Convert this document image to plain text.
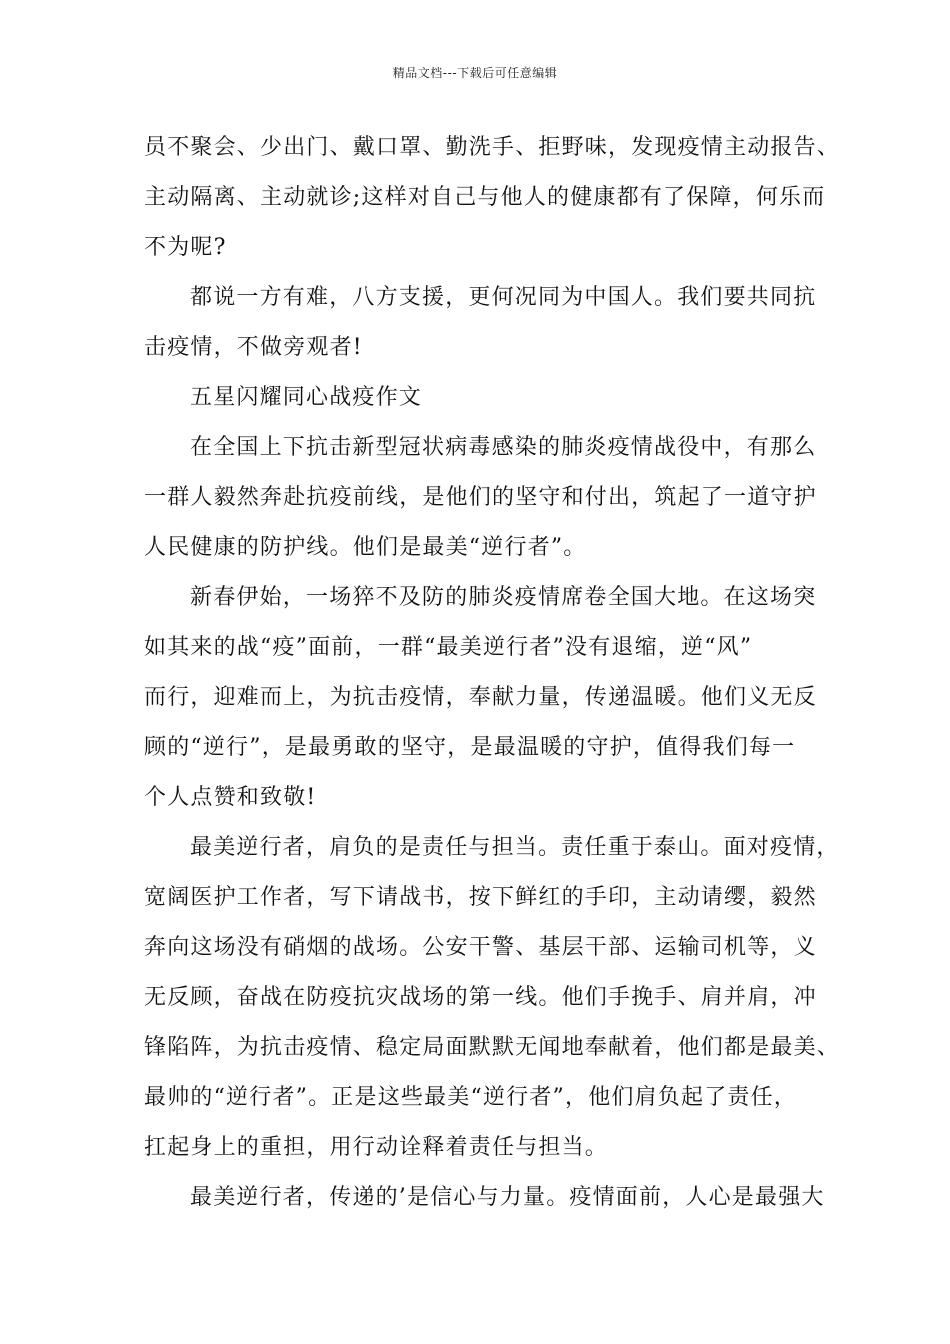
精品文档---下载后可任意编辑
员不聚会、少出门、戴口罩、勤洗手、拒野味，发现疫情主动报告、
主动隔离、主动就诊;这样对自己与他人的健康都有了保障，何乐而
不为呢?
都说一方有难，八方支援，更何况同为中国人。我们要共同抗
击疫情，不做旁观者!
五星闪耀同心战疫作文
在全国上下抗击新型冠状病毒感染的肺炎疫情战役中，有那么
一群人毅然奔赴抗疫前线，是他们的坚守和付出，筑起了一道守护
人民健康的防护线。他们是最美“逆行者”。
新春伊始，一场猝不及防的肺炎疫情席卷全国大地。在这场突
如其来的战“疫”面前，一群“最美逆行者”没有退缩，逆“风”
而行，迎难而上，为抗击疫情，奉献力量，传递温暖。他们义无反
顾的“逆行”，是最勇敢的坚守，是最温暖的守护，值得我们每一
个人点赞和致敬!
最美逆行者，肩负的是责任与担当。责任重于泰山。面对疫情，
宽阔医护工作者，写下请战书，按下鲜红的手印，主动请缨，毅然
奔向这场没有硝烟的战场。公安干警、基层干部、运输司机等，义
无反顾，奋战在防疫抗灾战场的第一线。他们手挽手、肩并肩，冲
锋陷阵，为抗击疫情、稳定局面默默无闻地奉献着，他们都是最美、
最帅的“逆行者”。正是这些最美“逆行者”，他们肩负起了责任，
扛起身上的重担，用行动诠释着责任与担当。
最美逆行者，传递的’是信心与力量。疫情面前，人心是最强大
